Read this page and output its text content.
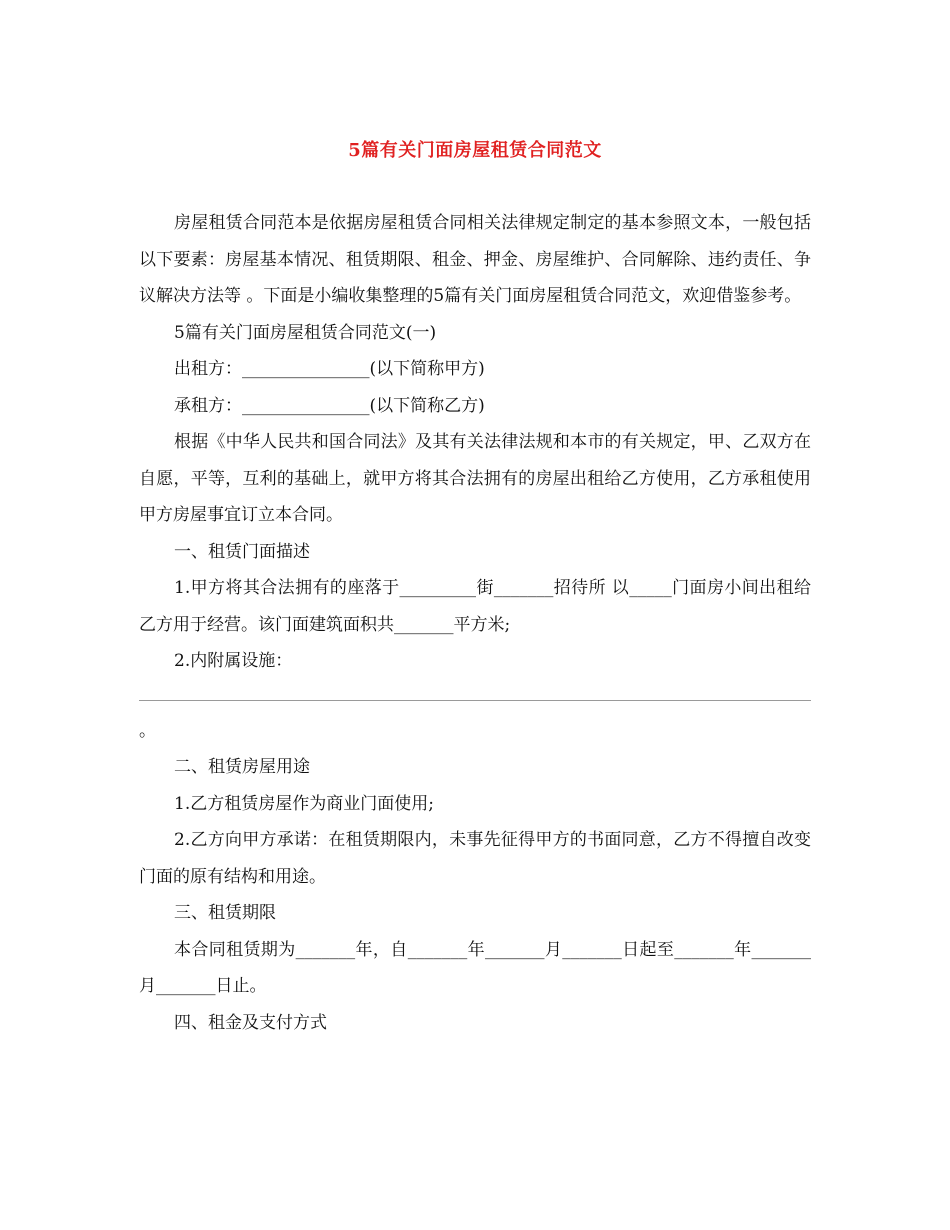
5篇有关门面房屋租赁合同范文

房屋租赁合同范本是依据房屋租赁合同相关法律规定制定的基本参照文本，一般包括以下要素：房屋基本情况、租赁期限、租金、押金、房屋维护、合同解除、违约责任、争议解决方法等 。下面是小编收集整理的5篇有关门面房屋租赁合同范文，欢迎借鉴参考。

5篇有关门面房屋租赁合同范文(一)

出租方：_______________(以下简称甲方)

承租方：_______________(以下简称乙方)

根据《中华人民共和国合同法》及其有关法律法规和本市的有关规定，甲、乙双方在自愿，平等，互利的基础上，就甲方将其合法拥有的房屋出租给乙方使用，乙方承租使用甲方房屋事宜订立本合同。

一、租赁门面描述

1.甲方将其合法拥有的座落于_________街_______招待所 以_____门面房小间出租给乙方用于经营。该门面建筑面积共_______平方米;

2.内附属设施：

。

二、租赁房屋用途

1.乙方租赁房屋作为商业门面使用;

2.乙方向甲方承诺：在租赁期限内，未事先征得甲方的书面同意，乙方不得擅自改变门面的原有结构和用途。

三、租赁期限

本合同租赁期为_______年，自_______年_______月_______日起至_______年_______月_______日止。

四、租金及支付方式
